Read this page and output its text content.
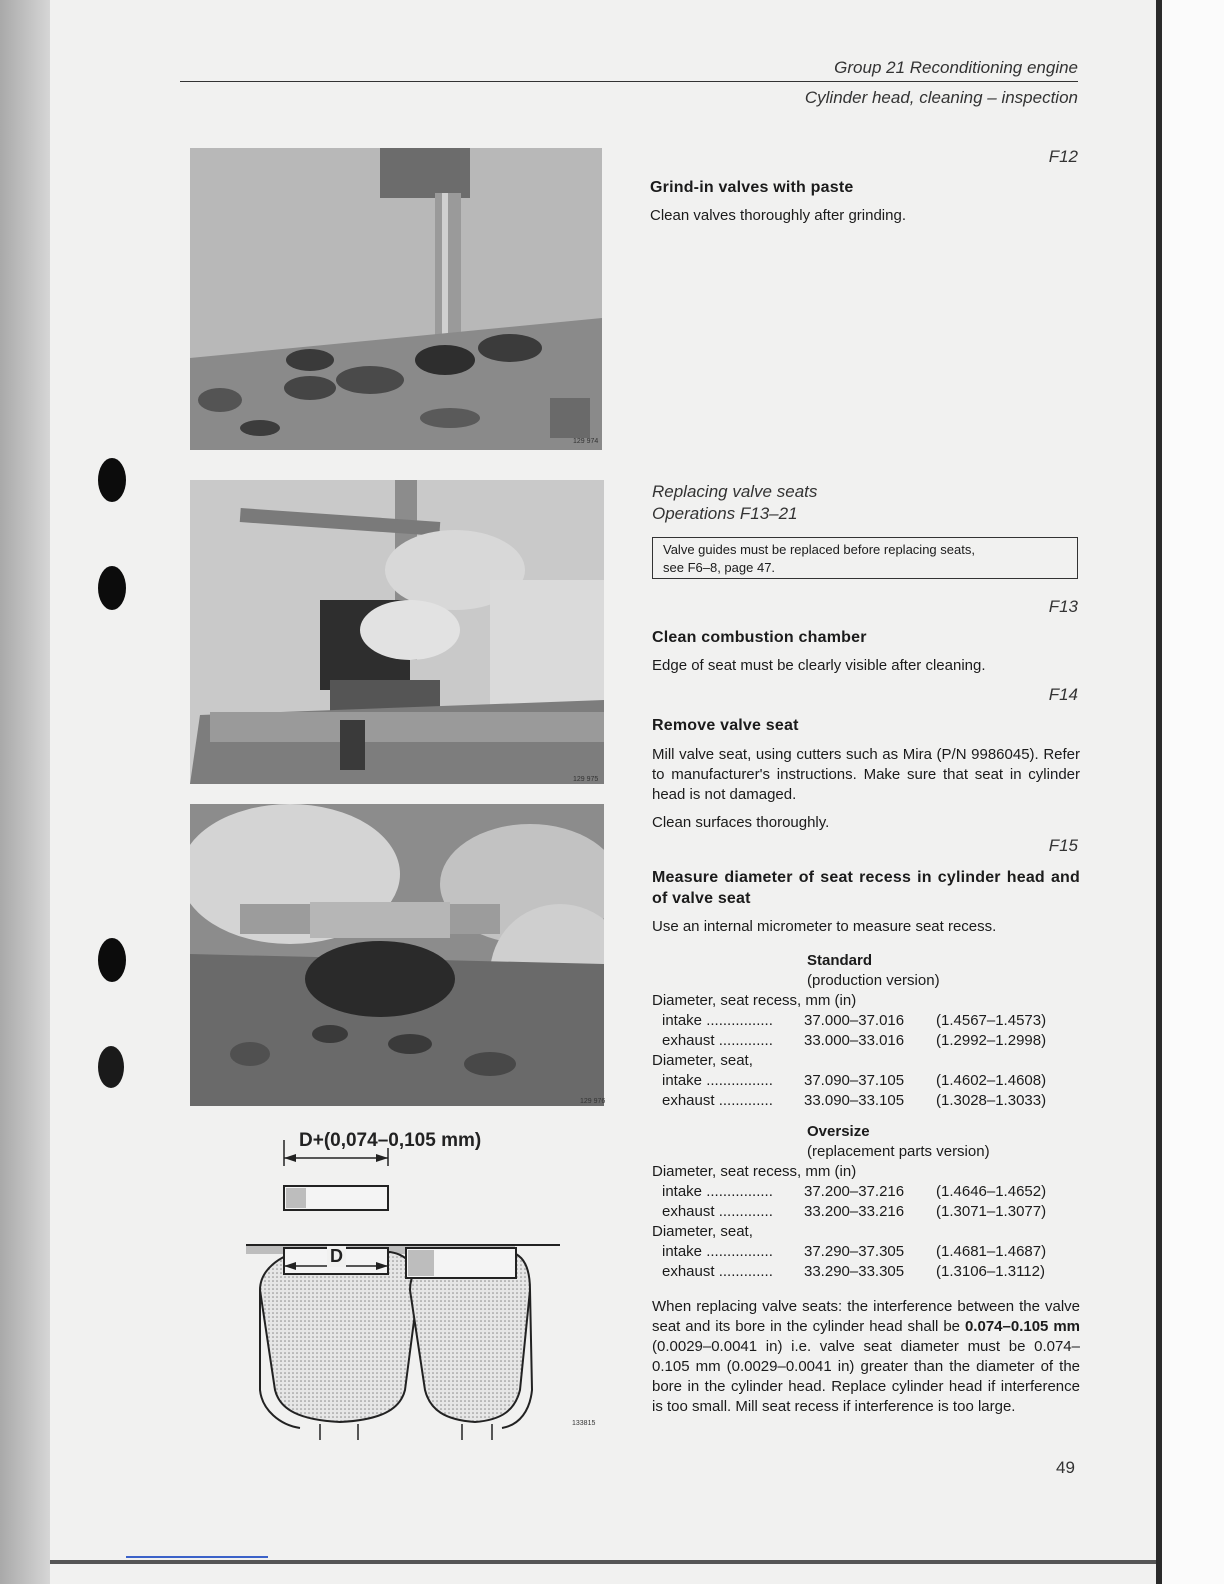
Group 21 Reconditioning engine
Cylinder head, cleaning – inspection
129 974
129 975
129 976
D+(0,074–0,105 mm)
D
133815
F12
Grind-in valves with paste
Clean valves thoroughly after grinding.
Replacing valve seats
Operations F13–21
Valve guides must be replaced before replacing seats,
see F6–8, page 47.
F13
Clean combustion chamber
Edge of seat must be clearly visible after cleaning.
F14
Remove valve seat
Mill valve seat, using cutters such as Mira (P/N 9986045). Refer to manufacturer's instructions. Make sure that seat in cylinder head is not damaged.
Clean surfaces thoroughly.
F15
Measure diameter of seat recess in cylinder head and of valve seat
Use an internal micrometer to measure seat recess.
Standard
(production version)
Diameter, seat recess, mm (in)
intake ................	37.000–37.016	(1.4567–1.4573)
exhaust .............	33.000–33.016	(1.2992–1.2998)
Diameter, seat,
intake ................	37.090–37.105	(1.4602–1.4608)
exhaust .............	33.090–33.105	(1.3028–1.3033)
Oversize
(replacement parts version)
Diameter, seat recess, mm (in)
intake ................	37.200–37.216	(1.4646–1.4652)
exhaust .............	33.200–33.216	(1.3071–1.3077)
Diameter, seat,
intake ................	37.290–37.305	(1.4681–1.4687)
exhaust .............	33.290–33.305	(1.3106–1.3112)
When replacing valve seats: the interference between the valve seat and its bore in the cylinder head shall be 0.074–0.105 mm (0.0029–0.0041 in) i.e. valve seat diameter must be 0.074–0.105 mm (0.0029–0.0041 in) greater than the diameter of the bore in the cylinder head. Replace cylinder head if interference is too small. Mill seat recess if interference is too large.
49
